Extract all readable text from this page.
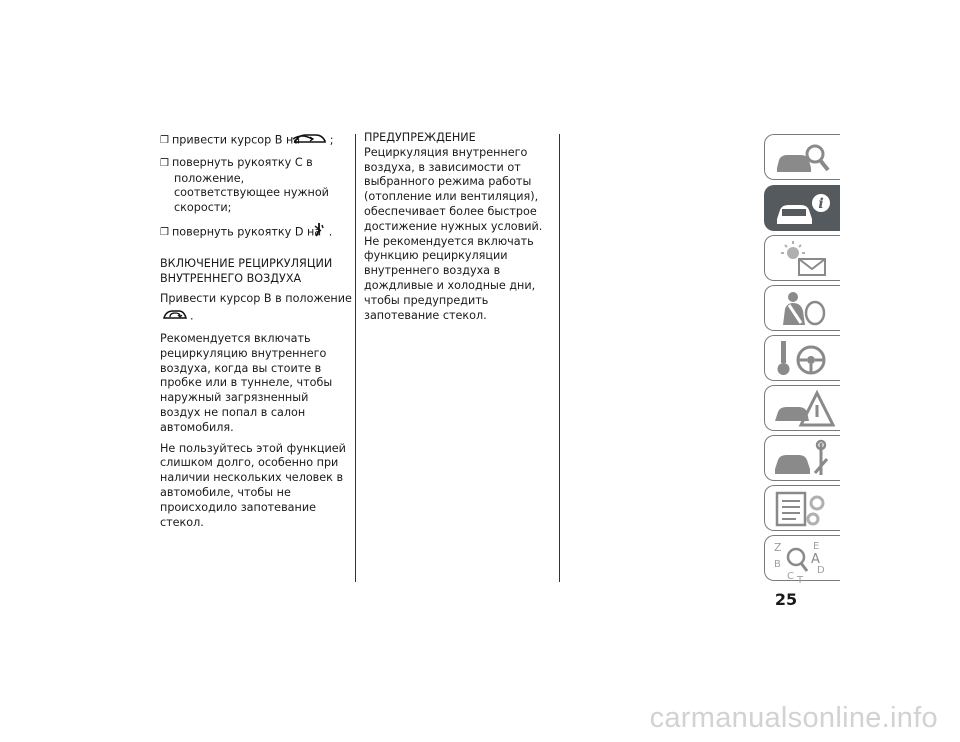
❒ привести курсор B на	;

❒ повернуть рукоятку C в положение, соответствующее нужной скорости;

❒ повернуть рукоятку D на .

ВКЛЮЧЕНИЕ РЕЦИРКУЛЯЦИИ ВНУТРЕННЕГО ВОЗДУХА

Привести курсор B в положение .

Рекомендуется включать рециркуляцию внутреннего воздуха, когда вы стоите в пробке или в туннеле, чтобы наружный загрязненный воздух не попал в салон автомобиля.

Не пользуйтесь этой функцией слишком долго, особенно при наличии нескольких человек в автомобиле, чтобы не происходило запотевание стекол.

ПРЕДУПРЕЖДЕНИЕ Рециркуляция внутреннего воздуха, в зависимости от выбранного режима работы (отопление или вентиляция), обеспечивает более быстрое достижение нужных условий. Не рекомендуется включать функцию рециркуляции внутреннего воздуха в дождливые и холодные дни, чтобы предупредить запотевание стекол.

i
Z	E
A
B
D
C T
25
carmanualsonline.info
